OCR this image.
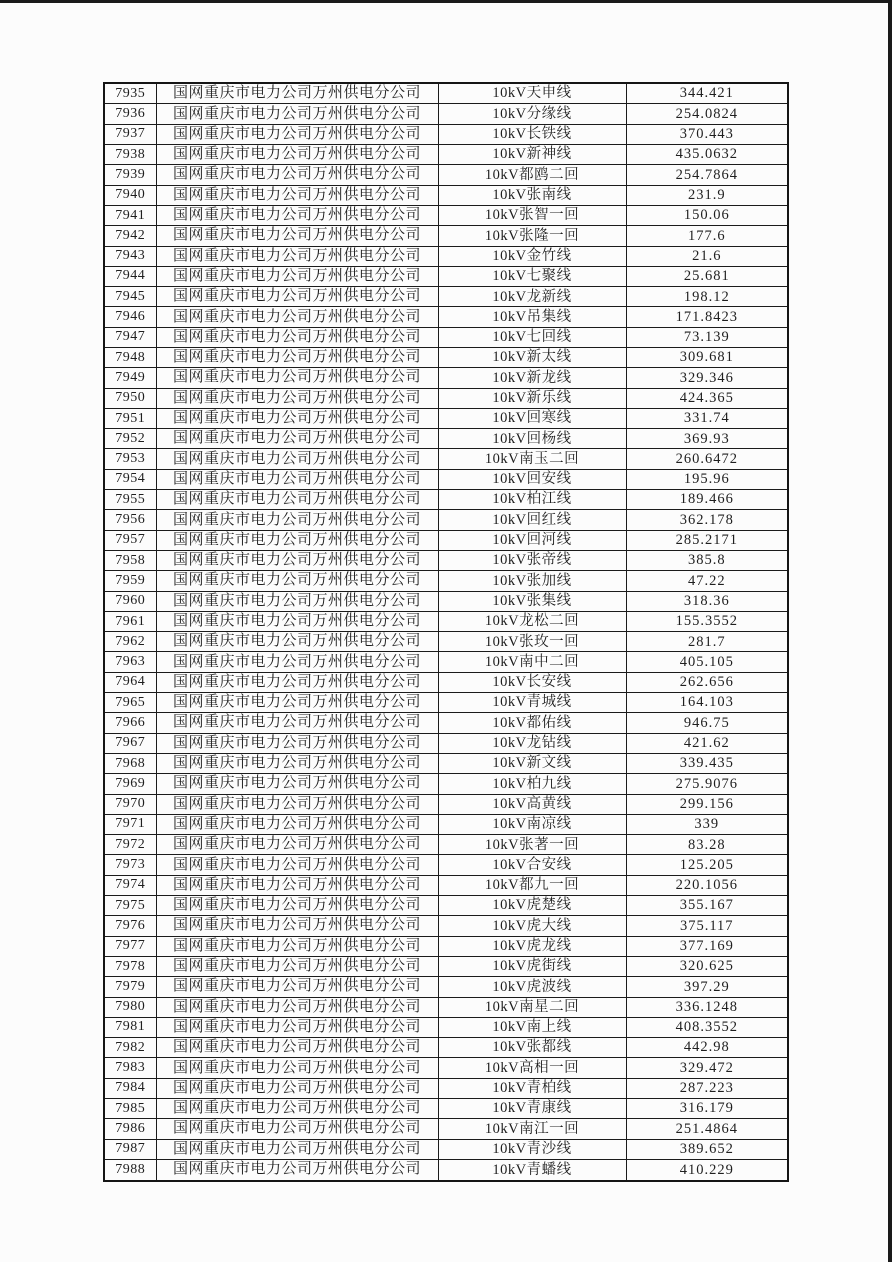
7935	国网重庆市电力公司万州供电分公司	10kV天申线	344.421
7936	国网重庆市电力公司万州供电分公司	10kV分缘线	254.0824
7937	国网重庆市电力公司万州供电分公司	10kV长铁线	370.443
7938	国网重庆市电力公司万州供电分公司	10kV新神线	435.0632
7939	国网重庆市电力公司万州供电分公司	10kV都鸥二回	254.7864
7940	国网重庆市电力公司万州供电分公司	10kV张南线	231.9
7941	国网重庆市电力公司万州供电分公司	10kV张智一回	150.06
7942	国网重庆市电力公司万州供电分公司	10kV张隆一回	177.6
7943	国网重庆市电力公司万州供电分公司	10kV金竹线	21.6
7944	国网重庆市电力公司万州供电分公司	10kV七聚线	25.681
7945	国网重庆市电力公司万州供电分公司	10kV龙新线	198.12
7946	国网重庆市电力公司万州供电分公司	10kV吊集线	171.8423
7947	国网重庆市电力公司万州供电分公司	10kV七回线	73.139
7948	国网重庆市电力公司万州供电分公司	10kV新太线	309.681
7949	国网重庆市电力公司万州供电分公司	10kV新龙线	329.346
7950	国网重庆市电力公司万州供电分公司	10kV新乐线	424.365
7951	国网重庆市电力公司万州供电分公司	10kV回寒线	331.74
7952	国网重庆市电力公司万州供电分公司	10kV回杨线	369.93
7953	国网重庆市电力公司万州供电分公司	10kV南玉二回	260.6472
7954	国网重庆市电力公司万州供电分公司	10kV回安线	195.96
7955	国网重庆市电力公司万州供电分公司	10kV柏江线	189.466
7956	国网重庆市电力公司万州供电分公司	10kV回红线	362.178
7957	国网重庆市电力公司万州供电分公司	10kV回河线	285.2171
7958	国网重庆市电力公司万州供电分公司	10kV张帝线	385.8
7959	国网重庆市电力公司万州供电分公司	10kV张加线	47.22
7960	国网重庆市电力公司万州供电分公司	10kV张集线	318.36
7961	国网重庆市电力公司万州供电分公司	10kV龙松二回	155.3552
7962	国网重庆市电力公司万州供电分公司	10kV张玫一回	281.7
7963	国网重庆市电力公司万州供电分公司	10kV南中二回	405.105
7964	国网重庆市电力公司万州供电分公司	10kV长安线	262.656
7965	国网重庆市电力公司万州供电分公司	10kV青城线	164.103
7966	国网重庆市电力公司万州供电分公司	10kV都佑线	946.75
7967	国网重庆市电力公司万州供电分公司	10kV龙钻线	421.62
7968	国网重庆市电力公司万州供电分公司	10kV新文线	339.435
7969	国网重庆市电力公司万州供电分公司	10kV柏九线	275.9076
7970	国网重庆市电力公司万州供电分公司	10kV高黄线	299.156
7971	国网重庆市电力公司万州供电分公司	10kV南凉线	339
7972	国网重庆市电力公司万州供电分公司	10kV张著一回	83.28
7973	国网重庆市电力公司万州供电分公司	10kV合安线	125.205
7974	国网重庆市电力公司万州供电分公司	10kV都九一回	220.1056
7975	国网重庆市电力公司万州供电分公司	10kV虎楚线	355.167
7976	国网重庆市电力公司万州供电分公司	10kV虎大线	375.117
7977	国网重庆市电力公司万州供电分公司	10kV虎龙线	377.169
7978	国网重庆市电力公司万州供电分公司	10kV虎街线	320.625
7979	国网重庆市电力公司万州供电分公司	10kV虎波线	397.29
7980	国网重庆市电力公司万州供电分公司	10kV南星二回	336.1248
7981	国网重庆市电力公司万州供电分公司	10kV南上线	408.3552
7982	国网重庆市电力公司万州供电分公司	10kV张都线	442.98
7983	国网重庆市电力公司万州供电分公司	10kV高相一回	329.472
7984	国网重庆市电力公司万州供电分公司	10kV青柏线	287.223
7985	国网重庆市电力公司万州供电分公司	10kV青康线	316.179
7986	国网重庆市电力公司万州供电分公司	10kV南江一回	251.4864
7987	国网重庆市电力公司万州供电分公司	10kV青沙线	389.652
7988	国网重庆市电力公司万州供电分公司	10kV青蟠线	410.229
